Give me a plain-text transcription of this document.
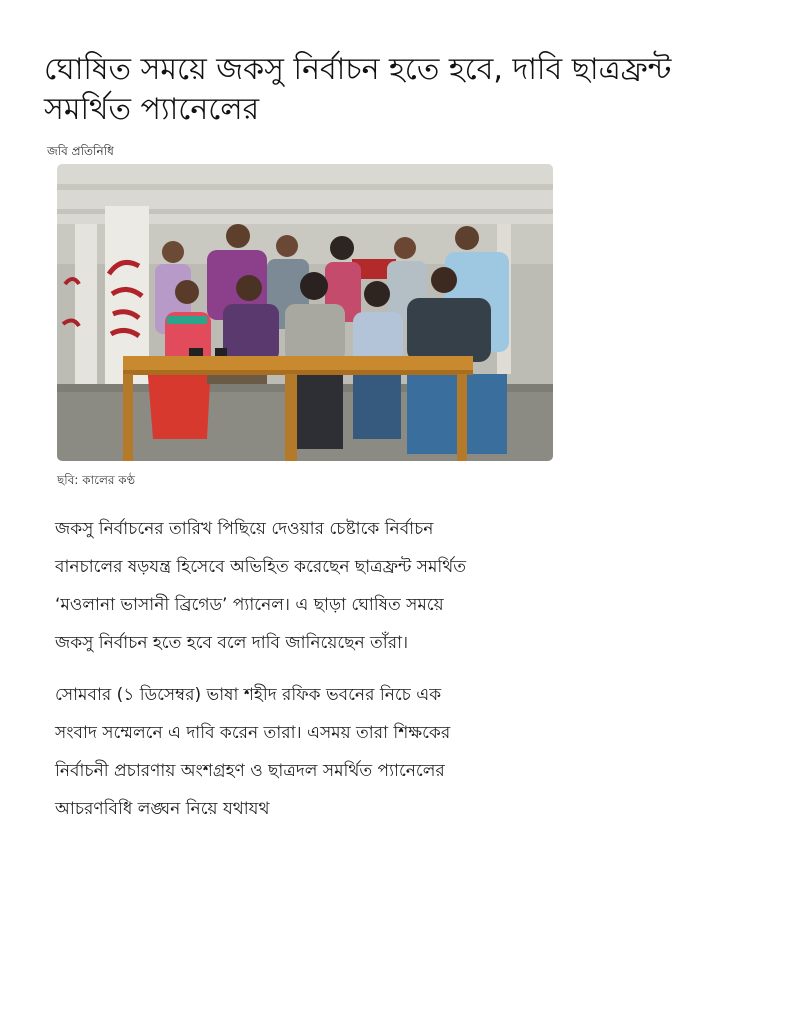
ঘোষিত সময়ে জকসু নির্বাচন হতে হবে, দাবি ছাত্রফ্রন্ট সমর্থিত প্যানেলের
জবি প্রতিনিধি
ছবি: কালের কণ্ঠ

জকসু নির্বাচনের তারিখ পিছিয়ে দেওয়ার চেষ্টাকে নির্বাচন বানচালের ষড়যন্ত্র হিসেবে অভিহিত করেছেন ছাত্রফ্রন্ট সমর্থিত ‘মওলানা ভাসানী ব্রিগেড’ প্যানেল। এ ছাড়া ঘোষিত সময়ে জকসু নির্বাচন হতে হবে বলে দাবি জানিয়েছেন তাঁরা।

সোমবার (১ ডিসেম্বর) ভাষা শহীদ রফিক ভবনের নিচে এক সংবাদ সম্মেলনে এ দাবি করেন তারা। এসময় তারা শিক্ষকের নির্বাচনী প্রচারণায় অংশগ্রহণ ও ছাত্রদল সমর্থিত প্যানেলের আচরণবিধি লঙ্ঘন নিয়ে যথাযথ
